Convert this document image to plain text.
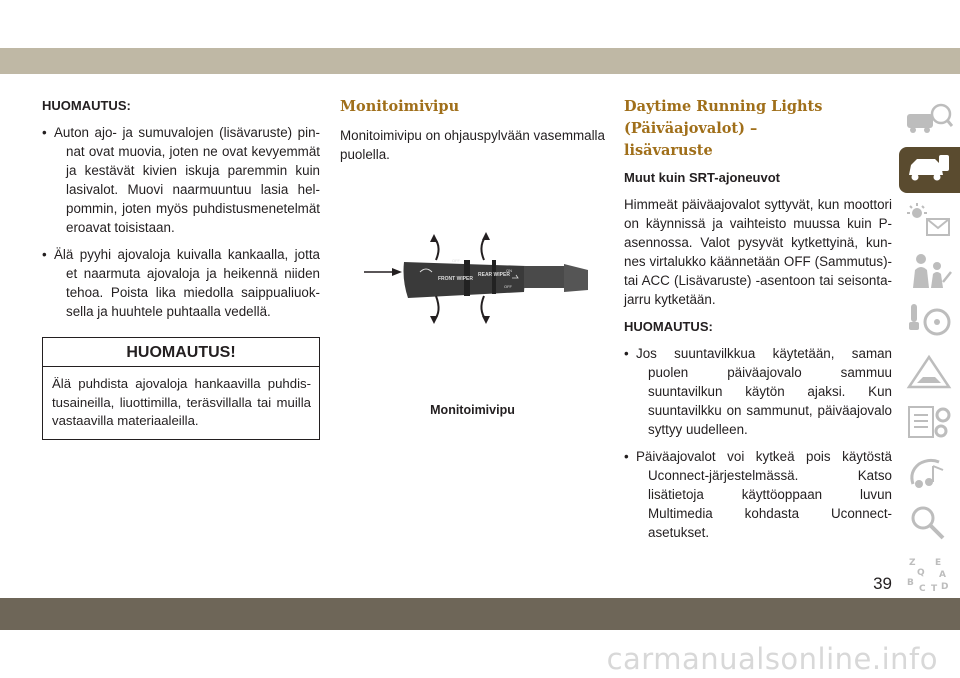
HUOMAUTUS:
• Auton ajo- ja sumuvalojen (lisävaruste) pin-nat ovat muovia, joten ne ovat kevyemmät ja kestävät kivien iskuja paremmin kuin lasivalot. Muovi naarmuuntuu lasia hel-pommin, joten myös puhdistusmenetelmät eroavat toisistaan.
• Älä pyyhi ajovaloja kuivalla kankaalla, jotta et naarmuta ajovaloja ja heikennä niiden tehoa. Poista lika miedolla saippualiuok-sella ja huuhtele puhtaalla vedellä.
HUOMAUTUS!
Älä puhdista ajovaloja hankaavilla puhdis-tusaineilla, liuottimilla, teräsvillalla tai muilla vastaavilla materiaaleilla.
Monitoimivipu
Monitoimivipu on ohjauspylvään vasemmalla puolella.
FRONT WIPER
REAR WIPER
OFF
OFF
ON
Monitoimivipu
Daytime Running Lights (Päiväajovalot) –
lisävaruste
Muut kuin SRT-ajoneuvot
Himmeät päiväajovalot syttyvät, kun moottori on käynnissä ja vaihteisto muussa kuin P-asennossa. Valot pysyvät kytkettyinä, kun-nes virtalukko käännetään OFF (Sammutus)-tai ACC (Lisävaruste) -asentoon tai seisonta-jarru kytketään.
HUOMAUTUS:
• Jos suuntavilkkua käytetään, saman puolen päiväajovalo sammuu suuntavilkun käytön ajaksi. Kun suuntavilkku on sammunut, päiväajovalo syttyy uudelleen.
• Päiväajovalot voi kytkeä pois käytöstä Uconnect-järjestelmässä. Katso lisätietoja käyttöoppaan luvun Multimedia kohdasta Uconnect-asetukset.
Z E
Q A
B
C T D
39
carmanualsonline.info
